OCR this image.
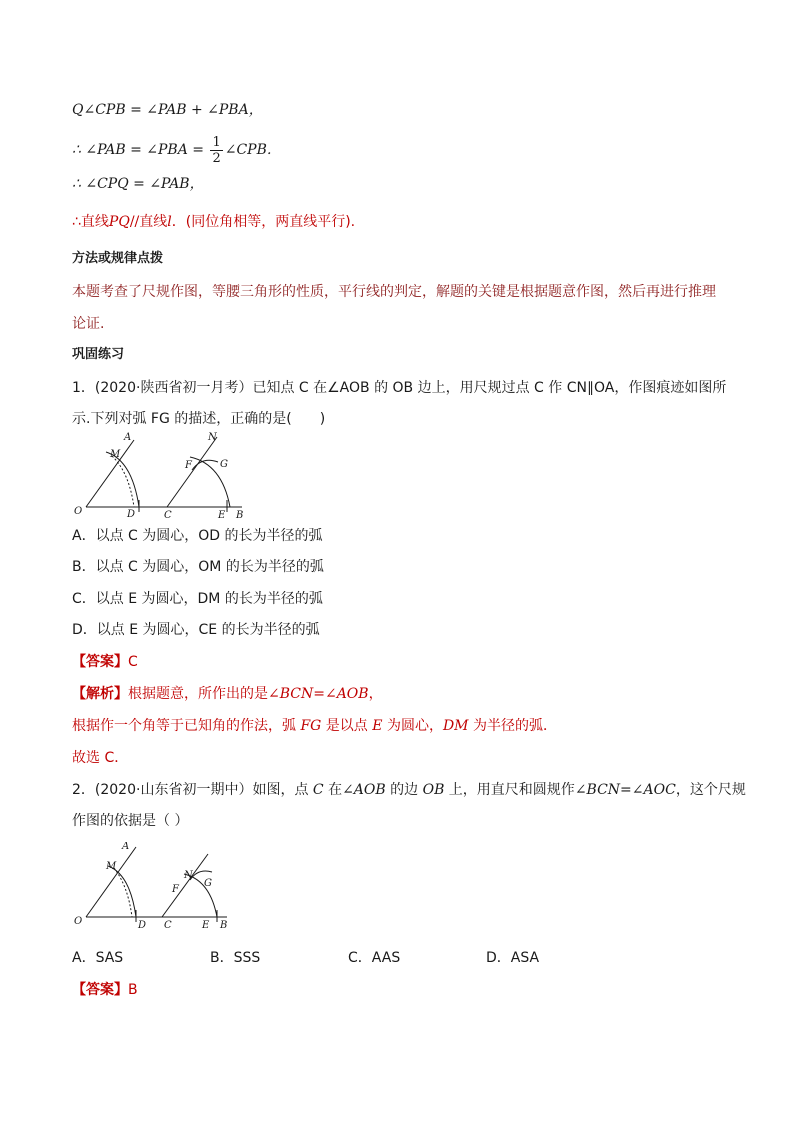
Q∠CPB = ∠PAB + ∠PBA，
∴ ∠PAB = ∠PBA = $\frac{1}{2}$ ∠CPB．
∴ ∠CPQ = ∠PAB，
∴直线PQ//直线l．(同位角相等，两直线平行).
方法或规律点拨
本题考查了尺规作图，等腰三角形的性质，平行线的判定，解题的关键是根据题意作图，然后再进行推理
论证.
巩固练习
1．(2020·陕西省初一月考）已知点 C 在∠AOB 的 OB 边上，用尺规过点 C 作 CN∥OA，作图痕迹如图所
示.下列对弧 FG 的描述，正确的是(　　)
O
A
M
D	C
N
F	G
E B
A．以点 C 为圆心，OD 的长为半径的弧
B．以点 C 为圆心，OM 的长为半径的弧
C．以点 E 为圆心，DM 的长为半径的弧
D．以点 E 为圆心，CE 的长为半径的弧
【答案】C
【解析】根据题意，所作出的是∠BCN=∠AOB，
根据作一个角等于已知角的作法，弧 FG 是以点 E 为圆心，DM 为半径的弧．
故选 C．
2．(2020·山东省初一期中）如图，点 C 在∠AOB 的边 OB 上，用直尺和圆规作∠BCN=∠AOC，这个尺规
作图的依据是（ ）
O
A
M
D C
N
F
G
E B
A．SAS	B．SSS	C．AAS	D．ASA
【答案】B
